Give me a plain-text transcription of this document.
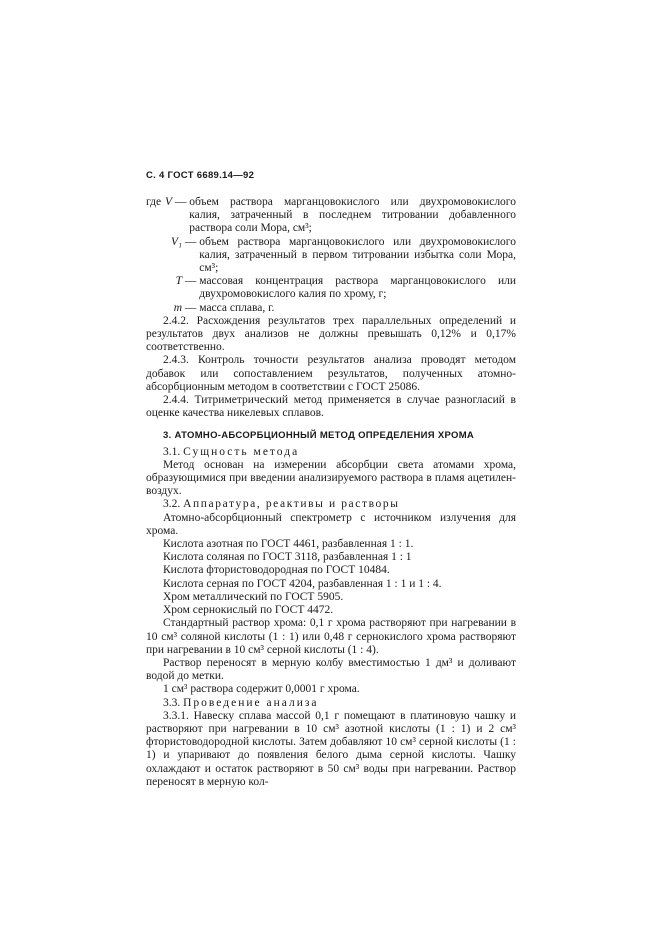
С. 4 ГОСТ 6689.14—92
где V — объем раствора марганцовокислого или двухромовокислого калия, затраченный в последнем титровании добавленного раствора соли Мора, см³;
V₁ — объем раствора марганцовокислого или двухромовокислого калия, затраченный в первом титровании избытка соли Мора, см³;
T — массовая концентрация раствора марганцовокислого или двухромовокислого калия по хрому, г;
m — масса сплава, г.

2.4.2. Расхождения результатов трех параллельных определений и результатов двух анализов не должны превышать 0,12% и 0,17% соответственно.

2.4.3. Контроль точности результатов анализа проводят методом добавок или сопоставлением результатов, полученных атомно-абсорбционным методом в соответствии с ГОСТ 25086.

2.4.4. Титриметрический метод применяется в случае разногласий в оценке качества никелевых сплавов.

3. АТОМНО-АБСОРБЦИОННЫЙ МЕТОД ОПРЕДЕЛЕНИЯ ХРОМА

3.1. Сущность метода

Метод основан на измерении абсорбции света атомами хрома, образующимися при введении анализируемого раствора в пламя ацетилен-воздух.

3.2. Аппаратура, реактивы и растворы

Атомно-абсорбционный спектрометр с источником излучения для хрома.

Кислота азотная по ГОСТ 4461, разбавленная 1 : 1.

Кислота соляная по ГОСТ 3118, разбавленная 1 : 1

Кислота фтористоводородная по ГОСТ 10484.

Кислота серная по ГОСТ 4204, разбавленная 1 : 1 и 1 : 4.

Хром металлический по ГОСТ 5905.

Хром сернокислый по ГОСТ 4472.

Стандартный раствор хрома: 0,1 г хрома растворяют при нагревании в 10 см³ соляной кислоты (1 : 1) или 0,48 г сернокислого хрома растворяют при нагревании в 10 см³ серной кислоты (1 : 4).

Раствор переносят в мерную колбу вместимостью 1 дм³ и доливают водой до метки.

1 см³ раствора содержит 0,0001 г хрома.

3.3. Проведение анализа

3.3.1. Навеску сплава массой 0,1 г помещают в платиновую чашку и растворяют при нагревании в 10 см³ азотной кислоты (1 : 1) и 2 см³ фтористоводородной кислоты. Затем добавляют 10 см³ серной кислоты (1 : 1) и упаривают до появления белого дыма серной кислоты. Чашку охлаждают и остаток растворяют в 50 см³ воды при нагревании. Раствор переносят в мерную кол-
